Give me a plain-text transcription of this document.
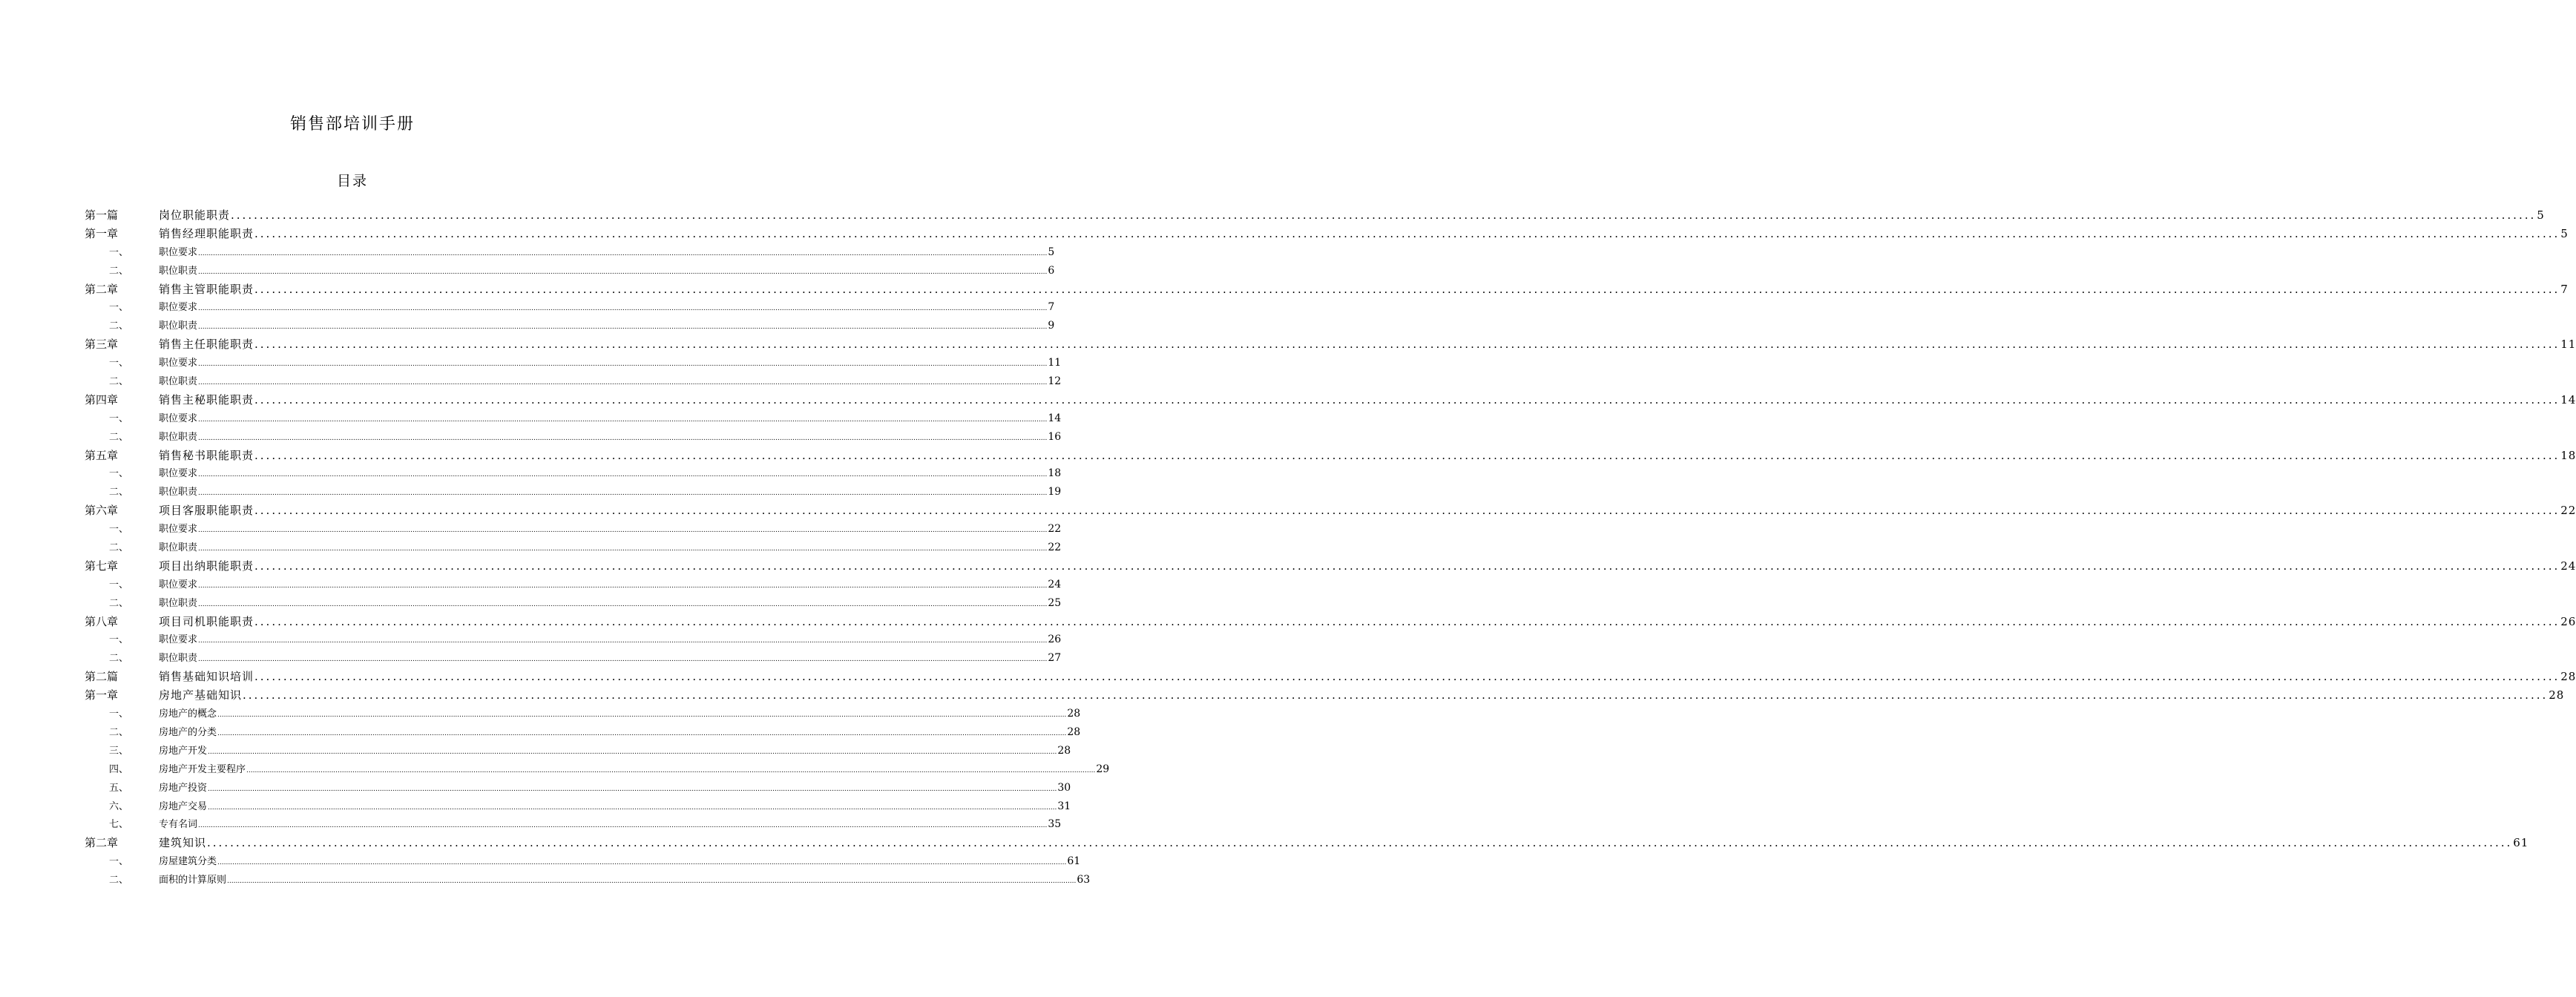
销售部培训手册
目录
第一篇	岗位职能职责 ................................................................................................................................................................................................................................................................................................................................................................................................................ 5
第一章	销售经理职能职责 ................................................................................................................................................................................................................................................................................................................................................................................................................ 5
一、	职位要求 ................................................................................................................................................................................................................................................................................................................................................................................................................ 5
二、	职位职责 ................................................................................................................................................................................................................................................................................................................................................................................................................ 6
第二章	销售主管职能职责 ................................................................................................................................................................................................................................................................................................................................................................................................................ 7
一、	职位要求 ................................................................................................................................................................................................................................................................................................................................................................................................................ 7
二、	职位职责 ................................................................................................................................................................................................................................................................................................................................................................................................................ 9
第三章	销售主任职能职责 ................................................................................................................................................................................................................................................................................................................................................................................................................ 11
一、	职位要求 ................................................................................................................................................................................................................................................................................................................................................................................................................ 11
二、	职位职责 ................................................................................................................................................................................................................................................................................................................................................................................................................ 12
第四章	销售主秘职能职责 ................................................................................................................................................................................................................................................................................................................................................................................................................ 14
一、	职位要求 ................................................................................................................................................................................................................................................................................................................................................................................................................ 14
二、	职位职责 ................................................................................................................................................................................................................................................................................................................................................................................................................ 16
第五章	销售秘书职能职责 ................................................................................................................................................................................................................................................................................................................................................................................................................ 18
一、	职位要求 ................................................................................................................................................................................................................................................................................................................................................................................................................ 18
二、	职位职责 ................................................................................................................................................................................................................................................................................................................................................................................................................ 19
第六章	项目客服职能职责 ................................................................................................................................................................................................................................................................................................................................................................................................................ 22
一、	职位要求 ................................................................................................................................................................................................................................................................................................................................................................................................................ 22
二、	职位职责 ................................................................................................................................................................................................................................................................................................................................................................................................................ 22
第七章	项目出纳职能职责 ................................................................................................................................................................................................................................................................................................................................................................................................................ 24
一、	职位要求 ................................................................................................................................................................................................................................................................................................................................................................................................................ 24
二、	职位职责 ................................................................................................................................................................................................................................................................................................................................................................................................................ 25
第八章	项目司机职能职责 ................................................................................................................................................................................................................................................................................................................................................................................................................ 26
一、	职位要求 ................................................................................................................................................................................................................................................................................................................................................................................................................ 26
二、	职位职责 ................................................................................................................................................................................................................................................................................................................................................................................................................ 27
第二篇	销售基础知识培训 ................................................................................................................................................................................................................................................................................................................................................................................................................ 28
第一章	房地产基础知识 ................................................................................................................................................................................................................................................................................................................................................................................................................ 28
一、	房地产的概念 ................................................................................................................................................................................................................................................................................................................................................................................................................ 28
二、	房地产的分类 ................................................................................................................................................................................................................................................................................................................................................................................................................ 28
三、	房地产开发 ................................................................................................................................................................................................................................................................................................................................................................................................................ 28
四、	房地产开发主要程序 ................................................................................................................................................................................................................................................................................................................................................................................................................ 29
五、	房地产投资 ................................................................................................................................................................................................................................................................................................................................................................................................................ 30
六、	房地产交易 ................................................................................................................................................................................................................................................................................................................................................................................................................ 31
七、	专有名词 ................................................................................................................................................................................................................................................................................................................................................................................................................ 35
第二章	建筑知识 ................................................................................................................................................................................................................................................................................................................................................................................................................ 61
一、	房屋建筑分类 ................................................................................................................................................................................................................................................................................................................................................................................................................ 61
二、	面积的计算原则 ................................................................................................................................................................................................................................................................................................................................................................................................................ 63
